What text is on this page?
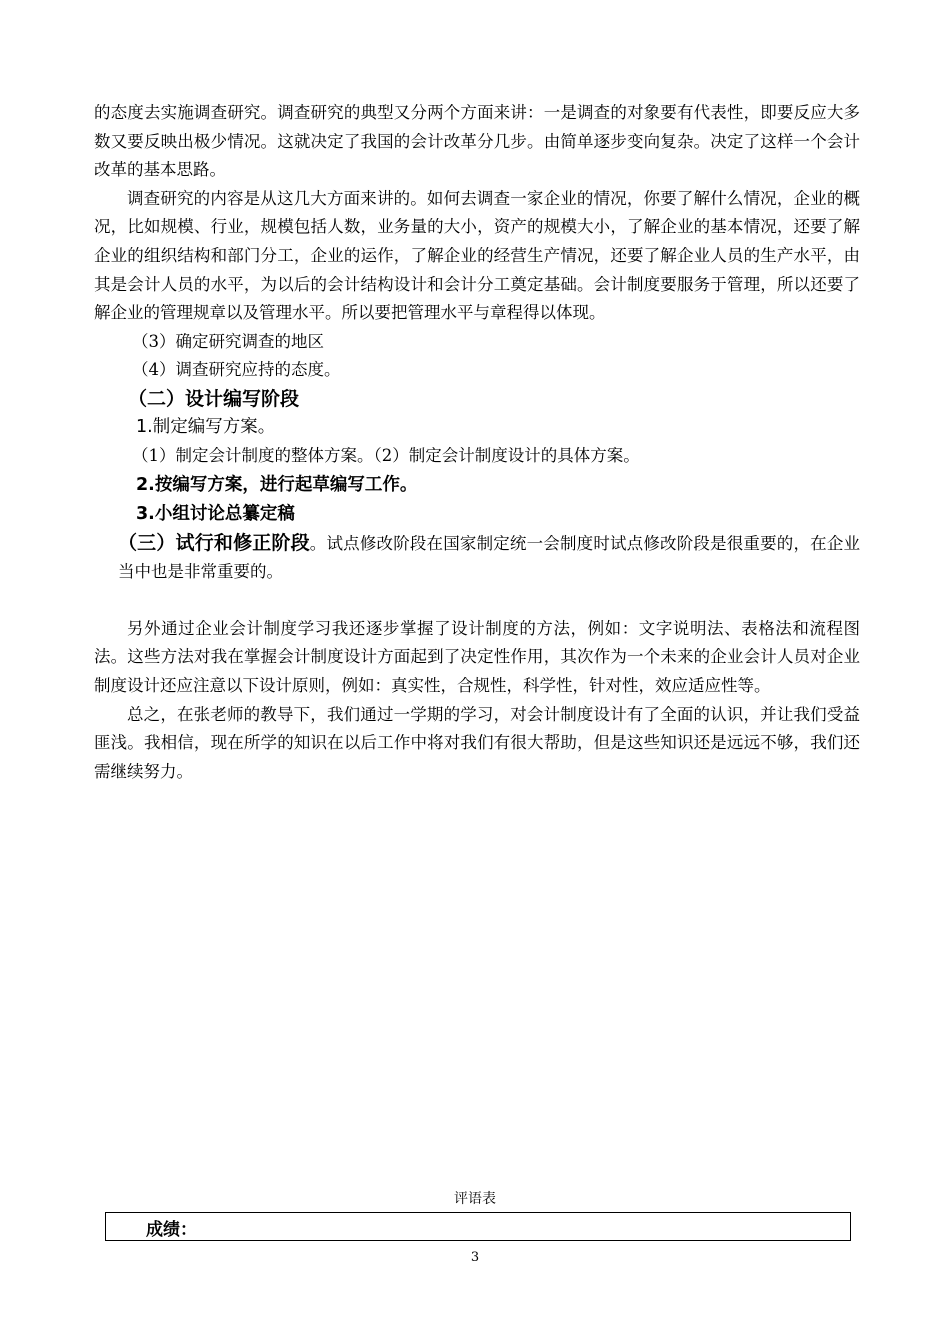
的态度去实施调查研究。调查研究的典型又分两个方面来讲：一是调查的对象要有代表性，即要反应大多数又要反映出极少情况。这就决定了我国的会计改革分几步。由简单逐步变向复杂。决定了这样一个会计改革的基本思路。

调查研究的内容是从这几大方面来讲的。如何去调查一家企业的情况，你要了解什么情况，企业的概况，比如规模、行业，规模包括人数，业务量的大小，资产的规模大小，了解企业的基本情况，还要了解企业的组织结构和部门分工，企业的运作，了解企业的经营生产情况，还要了解企业人员的生产水平，由其是会计人员的水平，为以后的会计结构设计和会计分工奠定基础。会计制度要服务于管理，所以还要了解企业的管理规章以及管理水平。所以要把管理水平与章程得以体现。

（3）确定研究调查的地区

（4）调查研究应持的态度。

（二）设计编写阶段

1.制定编写方案。

（1）制定会计制度的整体方案。（2）制定会计制度设计的具体方案。

2.按编写方案，进行起草编写工作。

3.小组讨论总纂定稿

（三）试行和修正阶段。试点修改阶段在国家制定统一会制度时试点修改阶段是很重要的，在企业当中也是非常重要的。

另外通过企业会计制度学习我还逐步掌握了设计制度的方法，例如：文字说明法、表格法和流程图法。这些方法对我在掌握会计制度设计方面起到了决定性作用，其次作为一个未来的企业会计人员对企业制度设计还应注意以下设计原则，例如：真实性，合规性，科学性，针对性，效应适应性等。

总之，在张老师的教导下，我们通过一学期的学习，对会计制度设计有了全面的认识，并让我们受益匪浅。我相信，现在所学的知识在以后工作中将对我们有很大帮助，但是这些知识还是远远不够，我们还需继续努力。

评语表
成绩：
3
